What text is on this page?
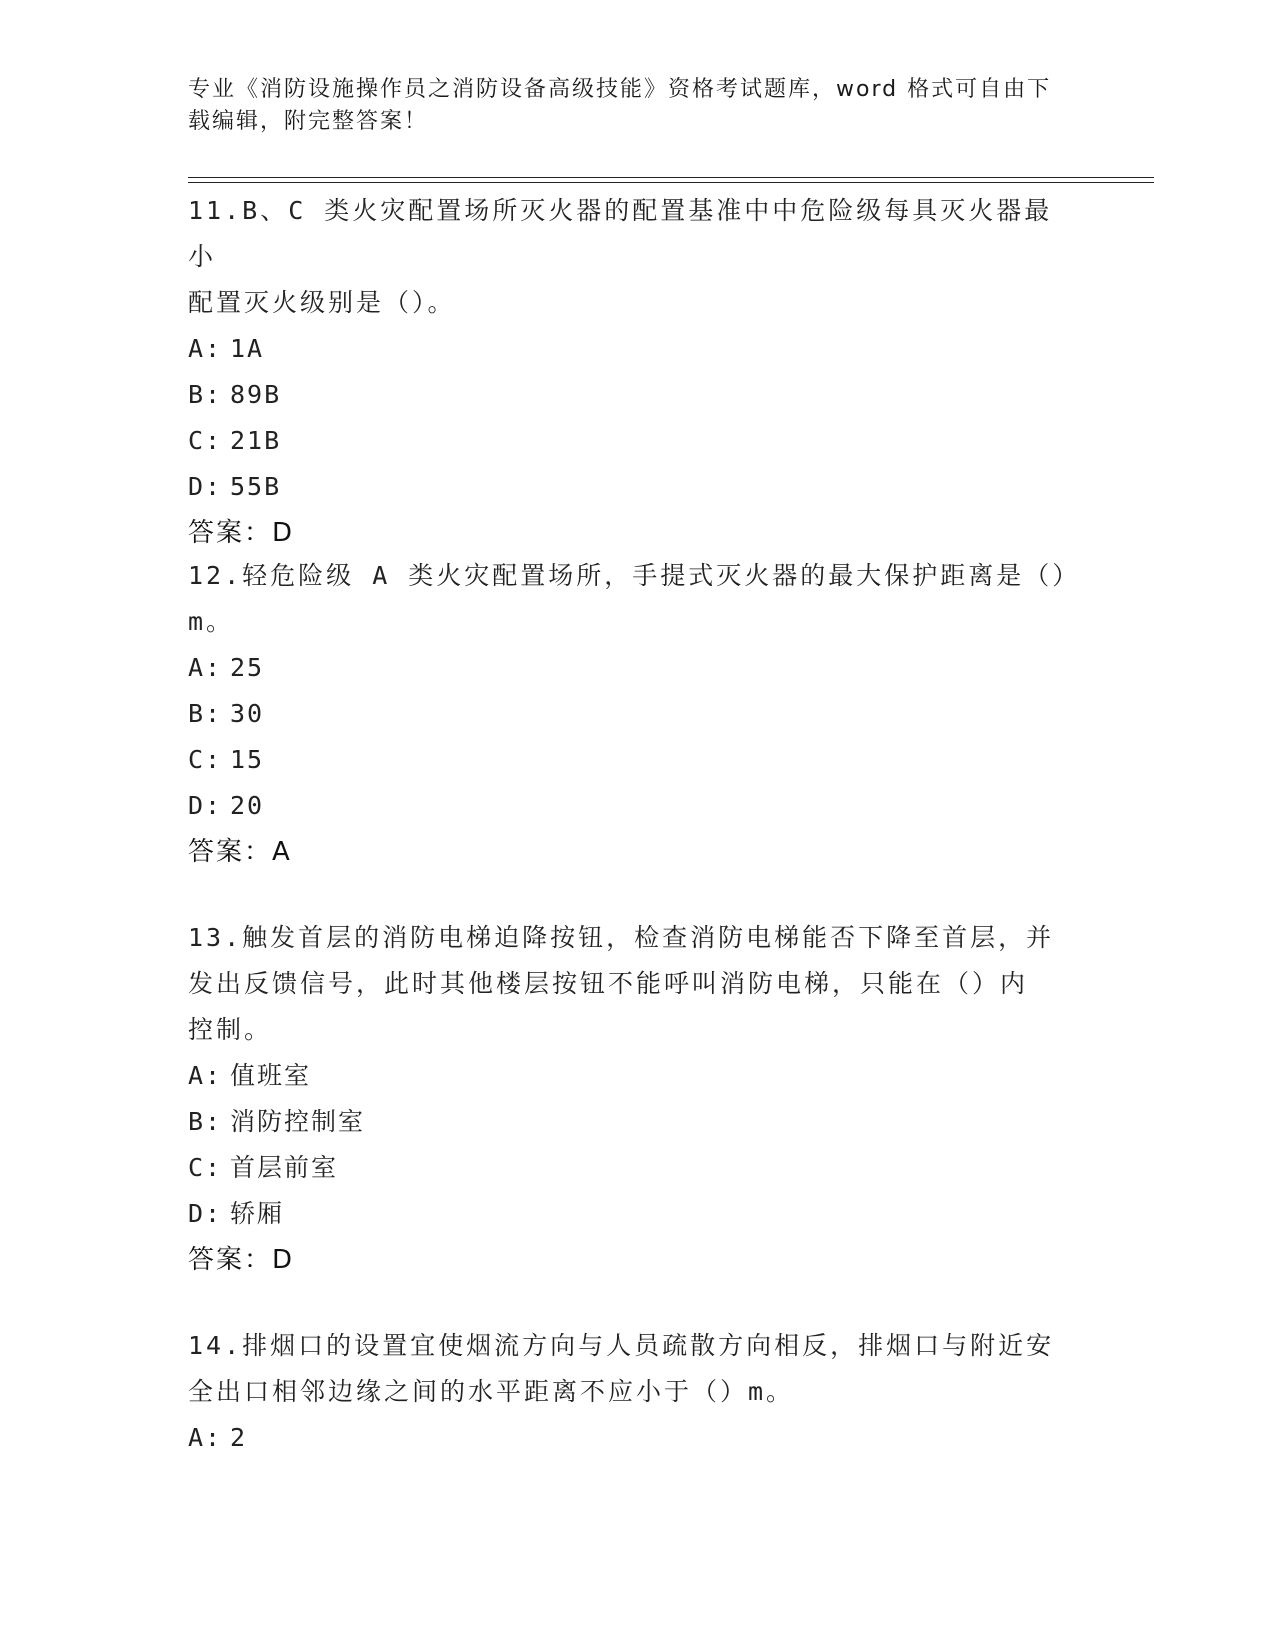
专业《消防设施操作员之消防设备高级技能》资格考试题库，word 格式可自由下
载编辑，附完整答案！
11.B、C 类火灾配置场所灭火器的配置基准中中危险级每具灭火器最小
配置灭火级别是（）。
A: 1A
B: 89B
C: 21B
D: 55B
答案：D
12.轻危险级 A 类火灾配置场所，手提式灭火器的最大保护距离是（）
m。
A: 25
B: 30
C: 15
D: 20
答案：A
13.触发首层的消防电梯迫降按钮，检查消防电梯能否下降至首层，并
发出反馈信号，此时其他楼层按钮不能呼叫消防电梯，只能在（）内
控制。
A: 值班室
B: 消防控制室
C: 首层前室
D: 轿厢
答案：D
14.排烟口的设置宜使烟流方向与人员疏散方向相反，排烟口与附近安
全出口相邻边缘之间的水平距离不应小于（）m。
A: 2
